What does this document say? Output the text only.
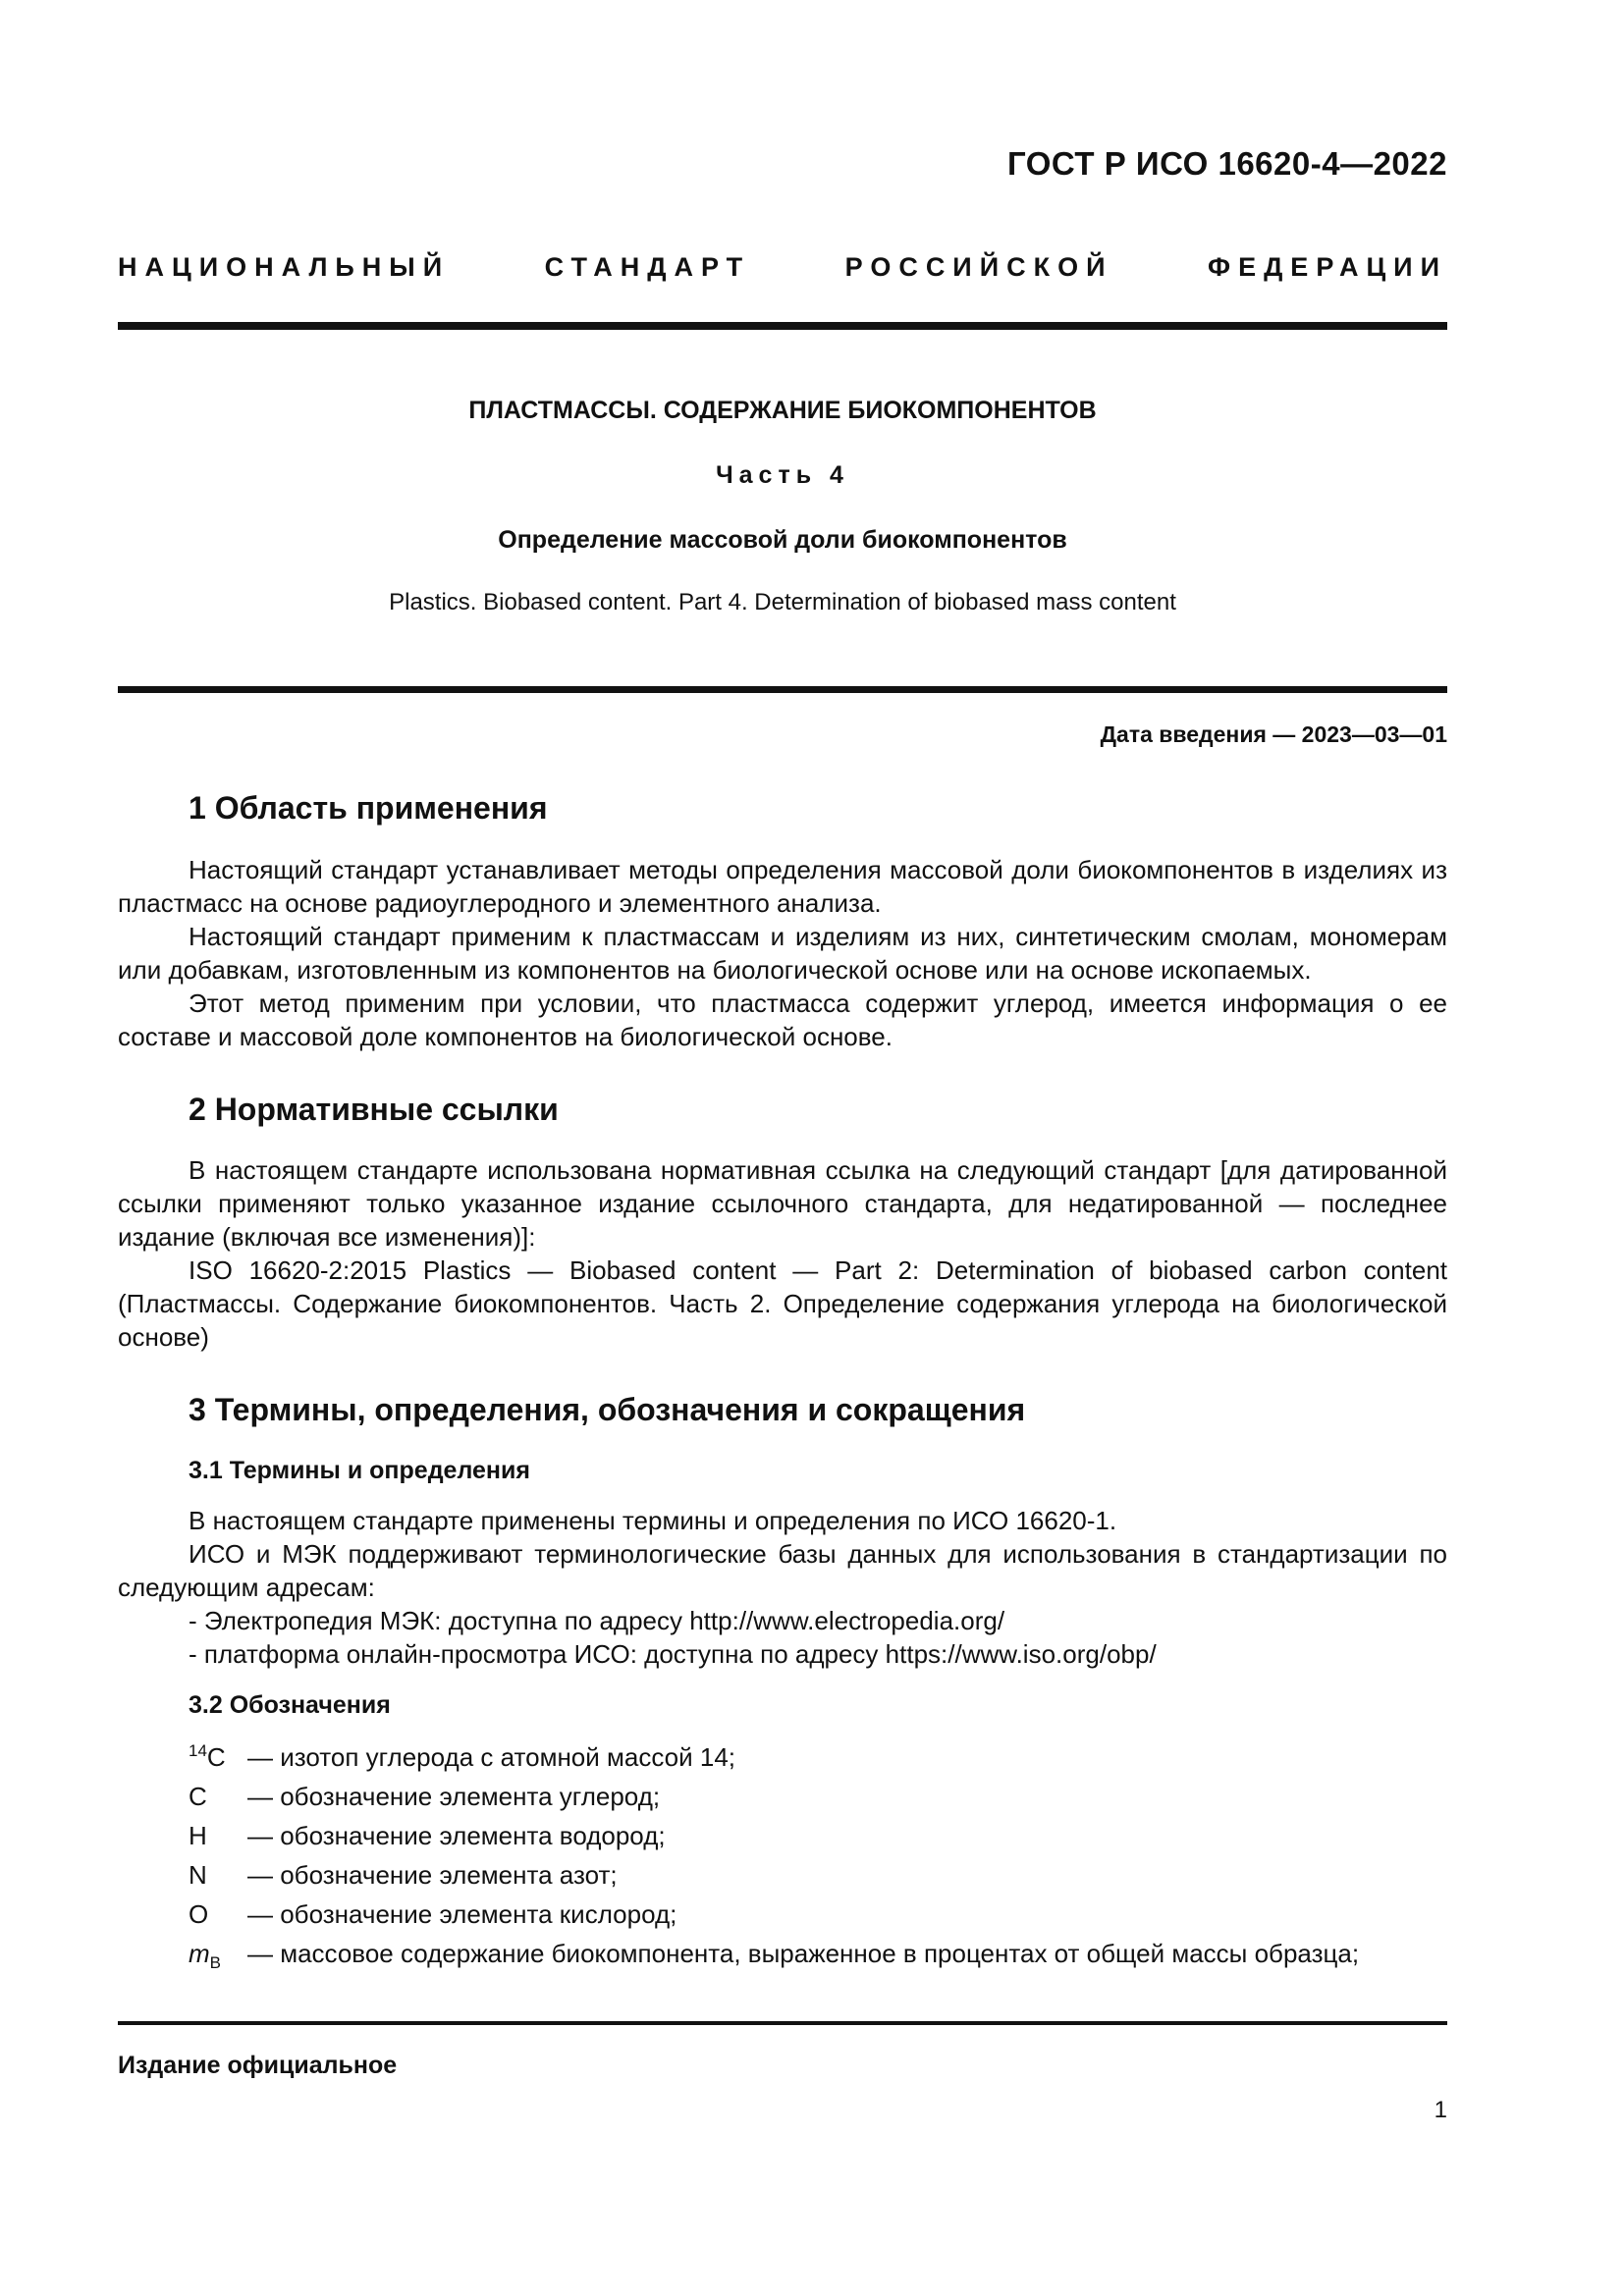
ГОСТ Р ИСО 16620-4—2022
НАЦИОНАЛЬНЫЙ СТАНДАРТ РОССИЙСКОЙ ФЕДЕРАЦИИ
ПЛАСТМАССЫ. СОДЕРЖАНИЕ БИОКОМПОНЕНТОВ
Часть 4
Определение массовой доли биокомпонентов
Plastics. Biobased content. Part 4. Determination of biobased mass content
Дата введения — 2023—03—01
1 Область применения

Настоящий стандарт устанавливает методы определения массовой доли биокомпонентов в изделиях из пластмасс на основе радиоуглеродного и элементного анализа.

Настоящий стандарт применим к пластмассам и изделиям из них, синтетическим смолам, мономерам или добавкам, изготовленным из компонентов на биологической основе или на основе ископаемых.

Этот метод применим при условии, что пластмасса содержит углерод, имеется информация о ее составе и массовой доле компонентов на биологической основе.

2 Нормативные ссылки

В настоящем стандарте использована нормативная ссылка на следующий стандарт [для датированной ссылки применяют только указанное издание ссылочного стандарта, для недатированной — последнее издание (включая все изменения)]:

ISO 16620-2:2015 Plastics — Biobased content — Part 2: Determination of biobased carbon content (Пластмассы. Содержание биокомпонентов. Часть 2. Определение содержания углерода на биологической основе)

3 Термины, определения, обозначения и сокращения
3.1 Термины и определения
В настоящем стандарте применены термины и определения по ИСО 16620-1.

ИСО и МЭК поддерживают терминологические базы данных для использования в стандартизации по следующим адресам:

- Электропедия МЭК: доступна по адресу http://www.electropedia.org/
- платформа онлайн-просмотра ИСО: доступна по адресу https://www.iso.org/obp/
3.2 Обозначения
$^{14}$C — изотоп углерода с атомной массой 14;
C — обозначение элемента углерод;
H — обозначение элемента водород;
N — обозначение элемента азот;
O — обозначение элемента кислород;
$m_B$ — массовое содержание биокомпонента, выраженное в процентах от общей массы образца;
Издание официальное
1
